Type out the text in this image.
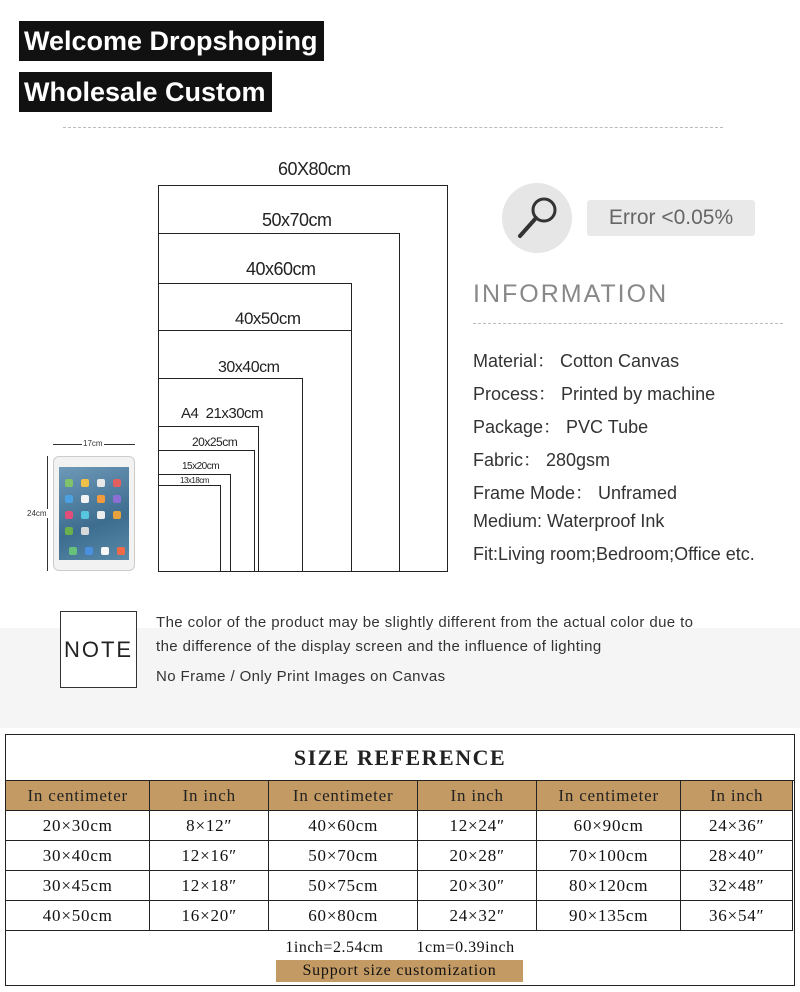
Welcome Dropshoping
Wholesale Custom
60X80cm
50x70cm
40x60cm
40x50cm
30x40cm
A4  21x30cm
20x25cm
15x20cm
13x18cm
17cm
24cm
Error <0.05%
INFORMATION
Material： Cotton Canvas
Process： Printed by machine
Package： PVC Tube
Fabric： 280gsm
Frame Mode： Unframed
Medium: Waterproof Ink
Fit:Living room;Bedroom;Office etc.
NOTE
The color of the product may be slightly different from the actual color due to
the difference of the display screen and the influence of lighting
No Frame / Only Print Images on Canvas
SIZE REFERENCE
In centimeter	In inch	In centimeter	In inch	In centimeter	In inch
20×30cm	8×12″	40×60cm	12×24″	60×90cm	24×36″
30×40cm	12×16″	50×70cm	20×28″	70×100cm	28×40″
30×45cm	12×18″	50×75cm	20×30″	80×120cm	32×48″
40×50cm	16×20″	60×80cm	24×32″	90×135cm	36×54″
1inch=2.54cm  1cm=0.39inch
Support size customization
